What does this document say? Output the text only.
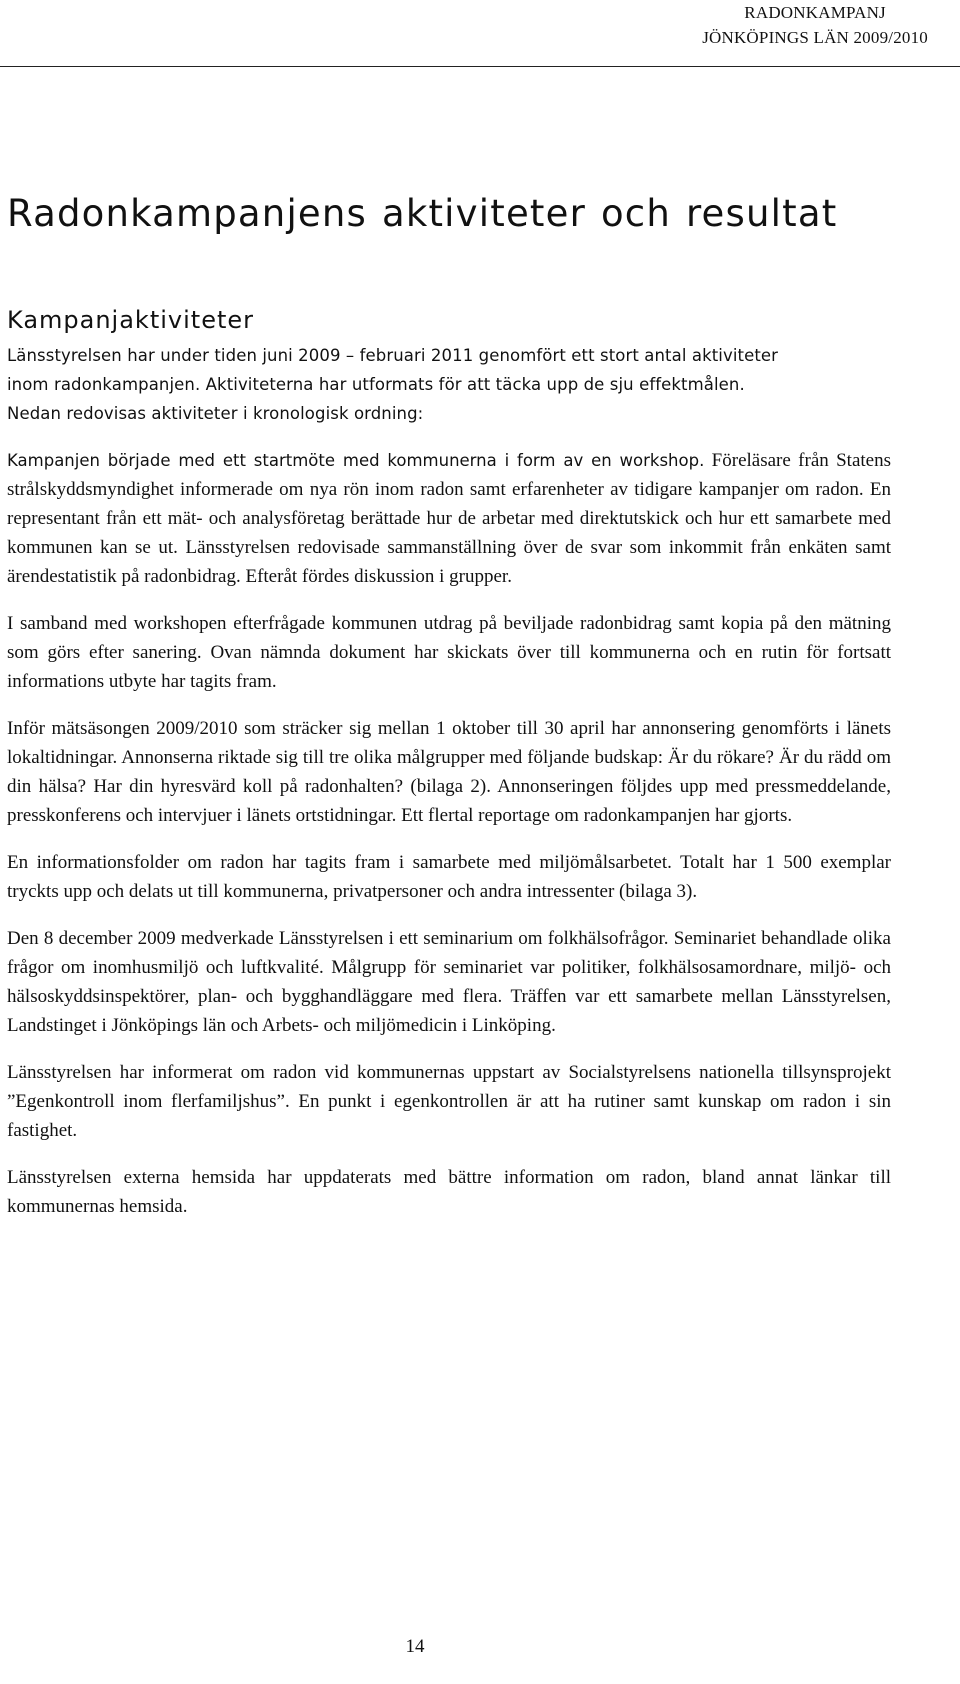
RADONKAMPANJ
JÖNKÖPINGS LÄN 2009/2010
Radonkampanjens aktiviteter och resultat
Kampanjaktiviteter
Länsstyrelsen har under tiden juni 2009 – februari 2011 genomfört ett stort antal aktiviteter
inom radonkampanjen. Aktiviteterna har utformats för att täcka upp de sju effektmålen.
Nedan redovisas aktiviteter i kronologisk ordning:

Kampanjen började med ett startmöte med kommunerna i form av en workshop. Föreläsare från Statens strålskyddsmyndighet informerade om nya rön inom radon samt erfarenheter av tidigare kampanjer om radon. En representant från ett mät- och analysföretag berättade hur de arbetar med direktutskick och hur ett samarbete med kommunen kan se ut. Länsstyrelsen redovisade sammanställning över de svar som inkommit från enkäten samt ärendestatistik på radonbidrag. Efteråt fördes diskussion i grupper.

I samband med workshopen efterfrågade kommunen utdrag på beviljade radonbidrag samt kopia på den mätning som görs efter sanering. Ovan nämnda dokument har skickats över till kommunerna och en rutin för fortsatt informations utbyte har tagits fram.

Inför mätsäsongen 2009/2010 som sträcker sig mellan 1 oktober till 30 april har annonsering genomförts i länets lokaltidningar. Annonserna riktade sig till tre olika målgrupper med följande budskap: Är du rökare? Är du rädd om din hälsa? Har din hyresvärd koll på radonhalten? (bilaga 2). Annonseringen följdes upp med pressmeddelande, presskonferens och intervjuer i länets ortstidningar. Ett flertal reportage om radonkampanjen har gjorts.

En informationsfolder om radon har tagits fram i samarbete med miljömålsarbetet. Totalt har 1 500 exemplar tryckts upp och delats ut till kommunerna, privatpersoner och andra intressenter (bilaga 3).

Den 8 december 2009 medverkade Länsstyrelsen i ett seminarium om folkhälsofrågor. Seminariet behandlade olika frågor om inomhusmiljö och luftkvalité. Målgrupp för seminariet var politiker, folkhälsosamordnare, miljö- och hälsoskyddsinspektörer, plan- och bygghandläggare med flera. Träffen var ett samarbete mellan Länsstyrelsen, Landstinget i Jönköpings län och Arbets- och miljömedicin i Linköping.

Länsstyrelsen har informerat om radon vid kommunernas uppstart av Socialstyrelsens nationella tillsynsprojekt ”Egenkontroll inom flerfamiljshus”. En punkt i egenkontrollen är att ha rutiner samt kunskap om radon i sin fastighet.

Länsstyrelsen externa hemsida har uppdaterats med bättre information om radon, bland annat länkar till kommunernas hemsida.

14
